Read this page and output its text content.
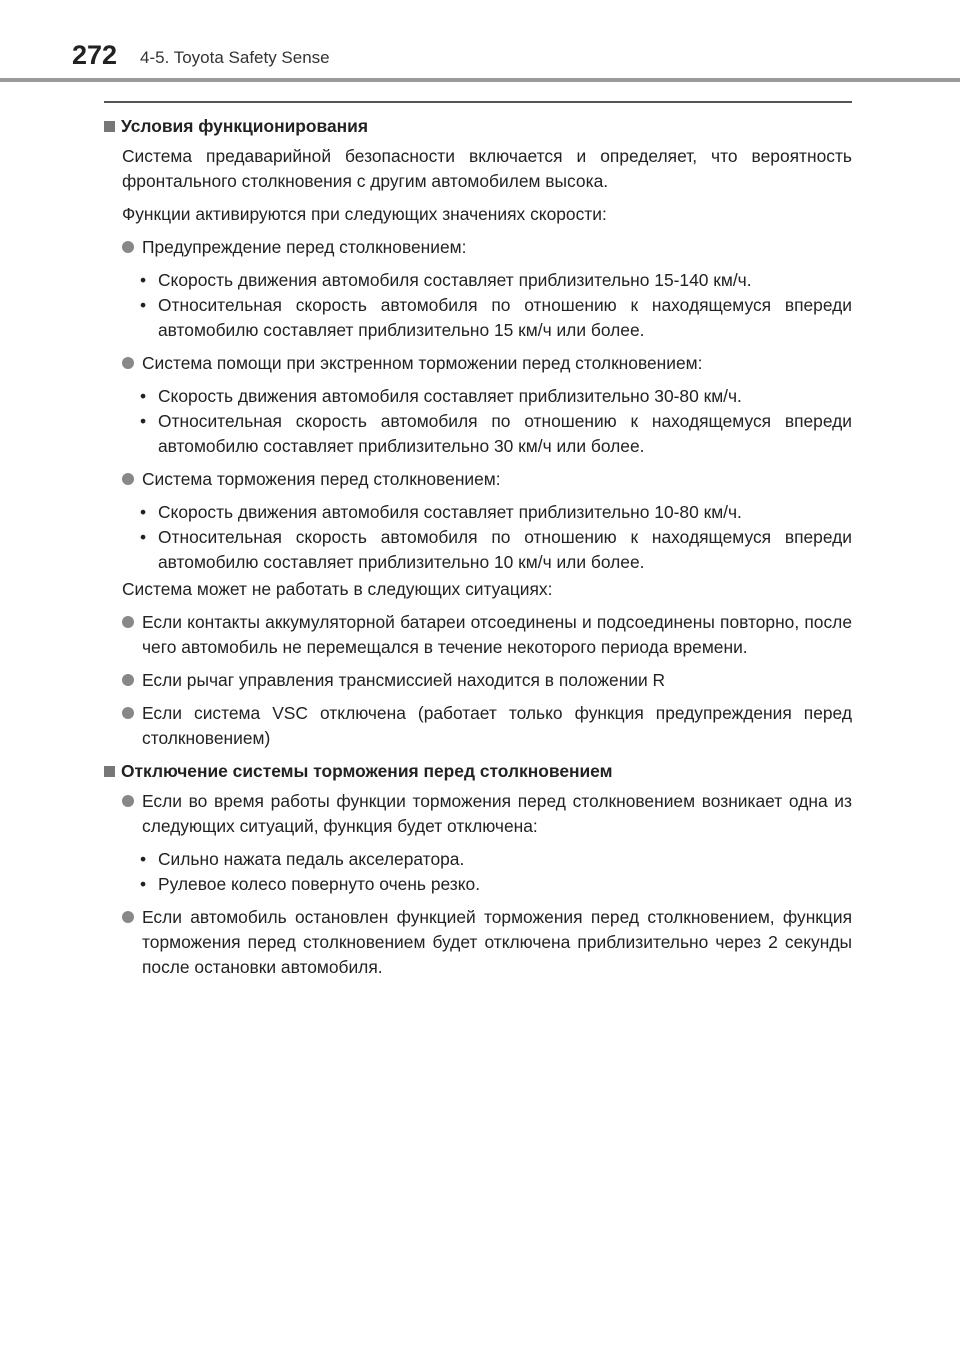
272 4-5. Toyota Safety Sense
Условия функционирования
Система предаварийной безопасности включается и определяет, что вероятность фронтального столкновения с другим автомобилем высока.
Функции активируются при следующих значениях скорости:
Предупреждение перед столкновением:
• Скорость движения автомобиля составляет приблизительно 15-140 км/ч.
• Относительная скорость автомобиля по отношению к находящемуся впереди автомобилю составляет приблизительно 15 км/ч или более.
Система помощи при экстренном торможении перед столкновением:
• Скорость движения автомобиля составляет приблизительно 30-80 км/ч.
• Относительная скорость автомобиля по отношению к находящемуся впереди автомобилю составляет приблизительно 30 км/ч или более.
Система торможения перед столкновением:
• Скорость движения автомобиля составляет приблизительно 10-80 км/ч.
• Относительная скорость автомобиля по отношению к находящемуся впереди автомобилю составляет приблизительно 10 км/ч или более.
Система может не работать в следующих ситуациях:
Если контакты аккумуляторной батареи отсоединены и подсоединены повторно, после чего автомобиль не перемещался в течение некоторого периода времени.
Если рычаг управления трансмиссией находится в положении R
Если система VSC отключена (работает только функция предупреждения перед столкновением)
Отключение системы торможения перед столкновением
Если во время работы функции торможения перед столкновением возникает одна из следующих ситуаций, функция будет отключена:
• Сильно нажата педаль акселератора.
• Рулевое колесо повернуто очень резко.
Если автомобиль остановлен функцией торможения перед столкновением, функция торможения перед столкновением будет отключена приблизительно через 2 секунды после остановки автомобиля.
